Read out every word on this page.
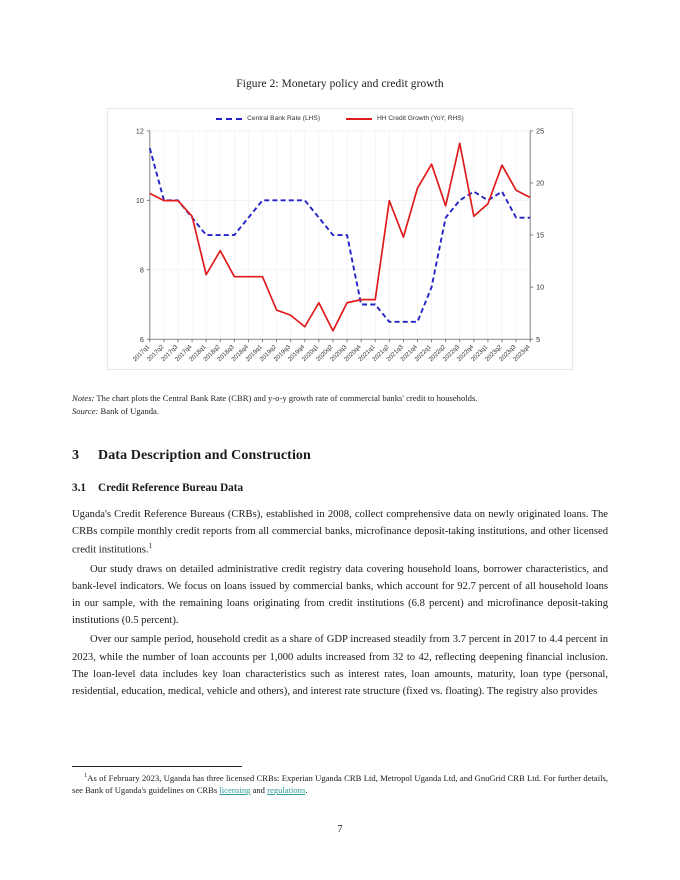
Figure 2: Monetary policy and credit growth
Central Bank Rate (LHS)	HH Credit Growth (YoY, RHS)
6
8
10
12
5
10
15
20
25
2017q1
2017q2
2017q3
2017q4
2018q1
2018q2
2018q3
2018q4
2019q1
2019q2
2019q3
2019q4
2020q1
2020q2
2020q3
2020q4
2021q1
2021q2
2021q3
2021q4
2022q1
2022q2
2022q3
2022q4
2023q1
2023q2
2023q3
2023q4
Notes: The chart plots the Central Bank Rate (CBR) and y-o-y growth rate of commercial banks' credit to households.
Source: Bank of Uganda.
3 Data Description and Construction
3.1 Credit Reference Bureau Data

Uganda's Credit Reference Bureaus (CRBs), established in 2008, collect comprehensive data on newly originated loans. The CRBs compile monthly credit reports from all commercial banks, microfinance deposit-taking institutions, and other licensed credit institutions.$^1$

Our study draws on detailed administrative credit registry data covering household loans, borrower characteristics, and bank-level indicators. We focus on loans issued by commercial banks, which account for 92.7 percent of all household loans in our sample, with the remaining loans originating from credit institutions (6.8 percent) and microfinance deposit-taking institutions (0.5 percent).

Over our sample period, household credit as a share of GDP increased steadily from 3.7 percent in 2017 to 4.4 percent in 2023, while the number of loan accounts per 1,000 adults increased from 32 to 42, reflecting deepening financial inclusion. The loan-level data includes key loan characteristics such as interest rates, loan amounts, maturity, loan type (personal, residential, education, medical, vehicle and others), and interest rate structure (fixed vs. floating). The registry also provides

$^1$As of February 2023, Uganda has three licensed CRBs: Experian Uganda CRB Ltd, Metropol Uganda Ltd, and GnuGrid CRB Ltd. For further details, see Bank of Uganda's guidelines on CRBs licensing and regulations.

7
